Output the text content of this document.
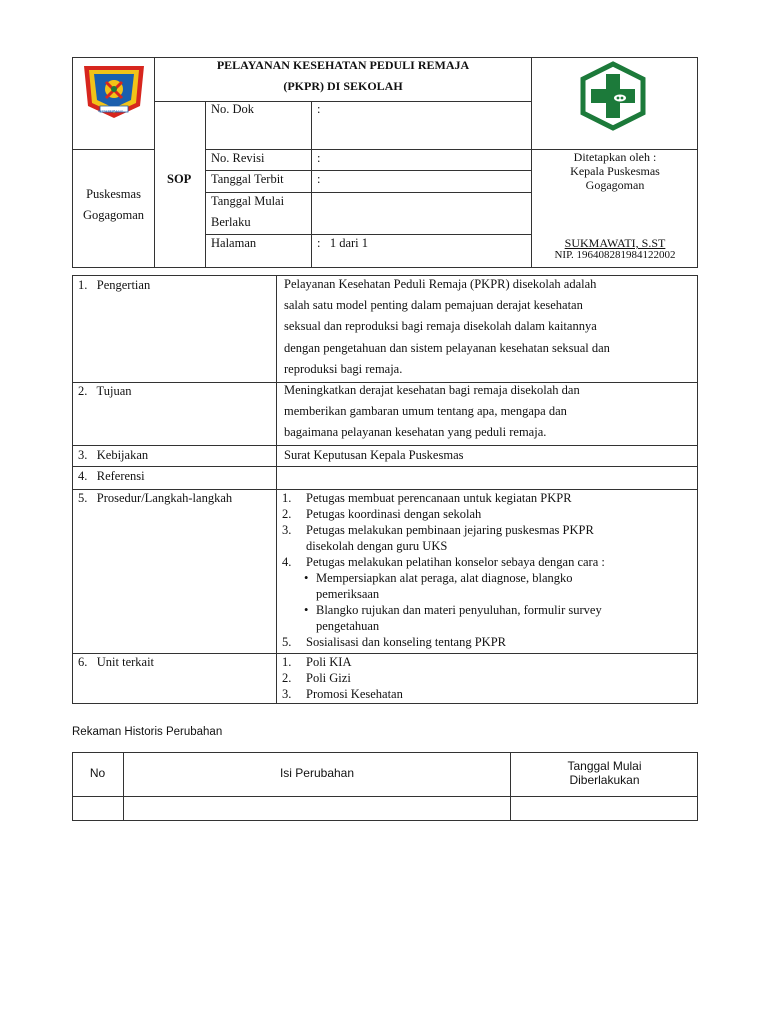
KOTAMOBAGU
PELAYANAN KESEHATAN PEDULI REMAJA
(PKPR) DI SEKOLAH
SOP
Puskesmas
Gogagoman
No. Dok	:
No. Revisi	:
Tanggal Terbit	:
Tanggal Mulai
Berlaku
Halaman	:   1 dari 1
Ditetapkan oleh :
Kepala Puskesmas
Gogagoman
SUKMAWATI, S.ST
NIP. 196408281984122002
1.   Pengertian	Pelayanan Kesehatan Peduli Remaja (PKPR) disekolah adalah
salah satu model penting dalam pemajuan derajat kesehatan
seksual dan reproduksi bagi remaja disekolah dalam kaitannya
dengan pengetahuan dan sistem pelayanan kesehatan seksual dan
reproduksi bagi remaja.
2.   Tujuan	Meningkatkan derajat kesehatan bagi remaja disekolah dan
memberikan gambaran umum tentang apa, mengapa dan
bagaimana pelayanan kesehatan yang peduli remaja.
3.   Kebijakan	Surat Keputusan Kepala Puskesmas
4.   Referensi
5.   Prosedur/Langkah-langkah	1. Petugas membuat perencanaan untuk kegiatan PKPR
2. Petugas koordinasi dengan sekolah
3. Petugas melakukan pembinaan jejaring puskesmas PKPR
disekolah dengan guru UKS
4. Petugas melakukan pelatihan konselor sebaya dengan cara :
• Mempersiapkan alat peraga, alat diagnose, blangko
pemeriksaan
• Blangko rujukan dan materi penyuluhan, formulir survey
pengetahuan
5. Sosialisasi dan konseling tentang PKPR
6.   Unit terkait	1. Poli KIA
2. Poli Gizi
3. Promosi Kesehatan
Rekaman Historis Perubahan
No	Isi Perubahan	Tanggal Mulai
Diberlakukan
